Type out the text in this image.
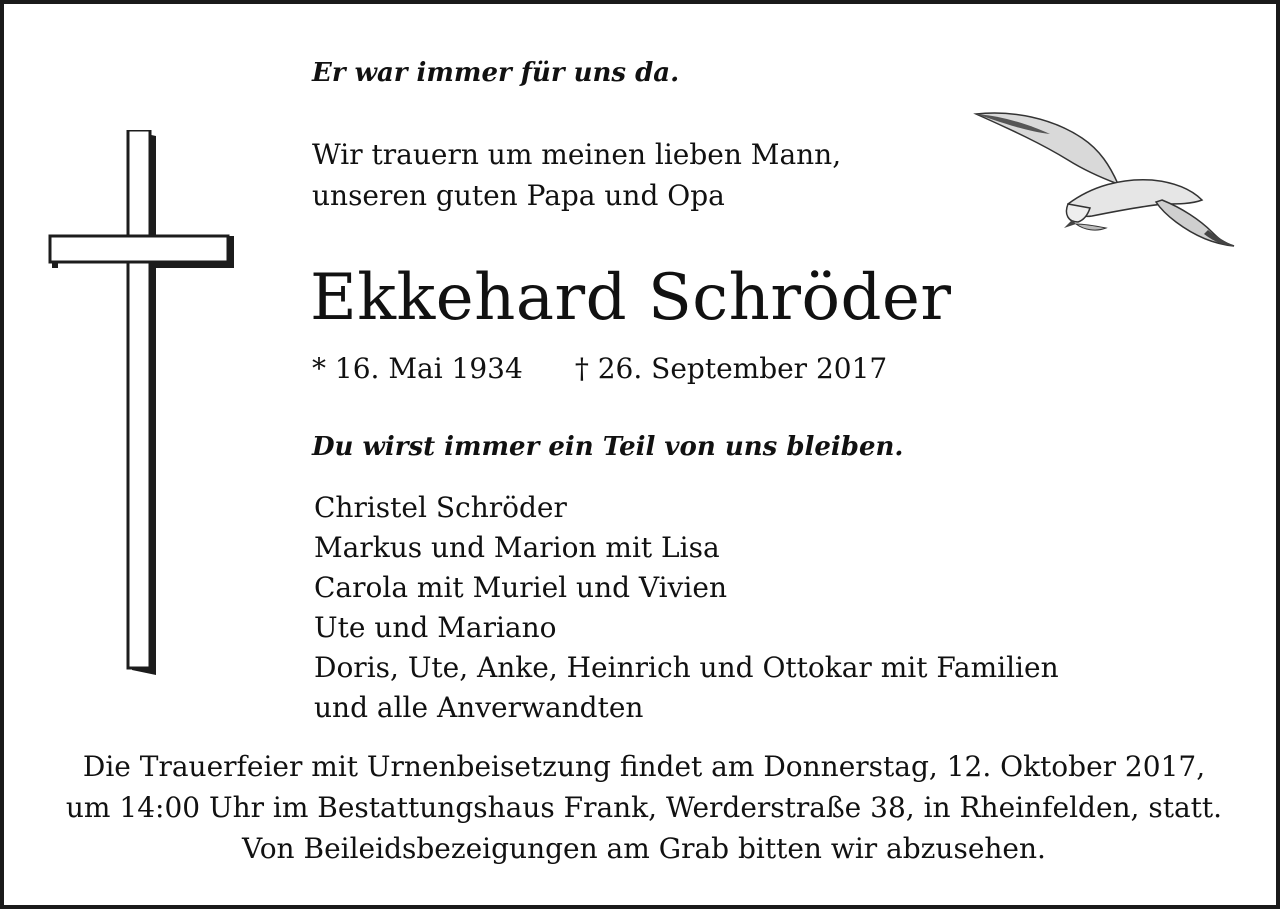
Er war immer für uns da.
Wir trauern um meinen lieben Mann,
unseren guten Papa und Opa
Ekkehard Schröder
* 16. Mai 1934 † 26. September 2017
Du wirst immer ein Teil von uns bleiben.
Christel Schröder
Markus und Marion mit Lisa
Carola mit Muriel und Vivien
Ute und Mariano
Doris, Ute, Anke, Heinrich und Ottokar mit Familien
und alle Anverwandten
Die Trauerfeier mit Urnenbeisetzung findet am Donnerstag, 12. Oktober 2017,
um 14:00 Uhr im Bestattungshaus Frank, Werderstraße 38, in Rheinfelden, statt.
Von Beileidsbezeigungen am Grab bitten wir abzusehen.
